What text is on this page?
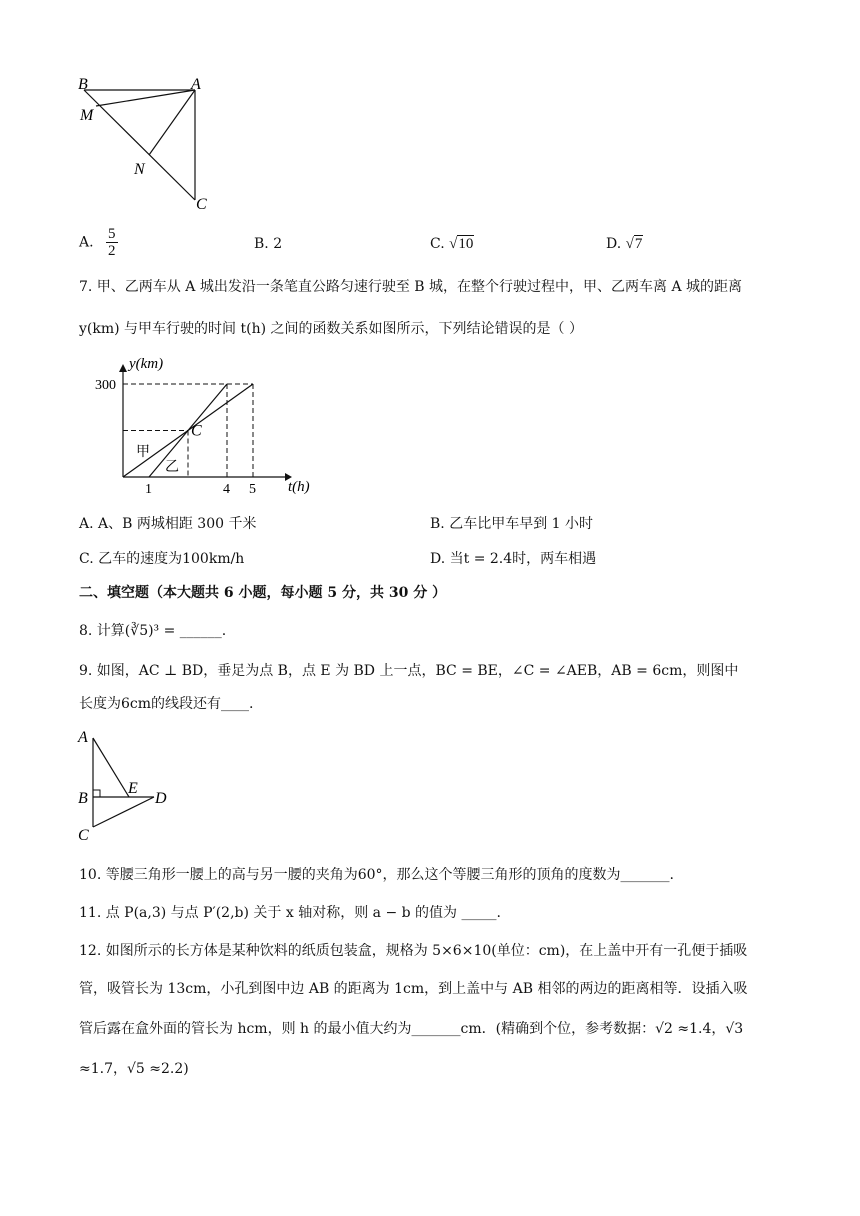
B	A
M
N
C
A. $\frac{5}{2}$	B. 2	C. √10	D. √7
7. 甲、乙两车从 A 城出发沿一条笔直公路匀速行驶至 B 城，在整个行驶过程中，甲、乙两车离 A 城的距离
y(km) 与甲车行驶的时间 t(h) 之间的函数关系如图所示，下列结论错误的是（ ）
y(km)
300
1	4 5 t(h)
C
甲
乙
A. A、B 两城相距 300 千米	B. 乙车比甲车早到 1 小时
C. 乙车的速度为100km/h	D. 当t = 2.4时，两车相遇
二、填空题（本大题共 6 小题，每小题 5 分，共 30 分 ）
8. 计算(∛5)³ = ______.
9. 如图，AC ⊥ BD，垂足为点 B，点 E 为 BD 上一点，BC = BE，∠C = ∠AEB，AB = 6cm，则图中
长度为6cm的线段还有____.
A
B
E
D
C
10. 等腰三角形一腰上的高与另一腰的夹角为60°，那么这个等腰三角形的顶角的度数为_______.
11. 点 P(a,3) 与点 P′(2,b) 关于 x 轴对称，则 a − b 的值为 _____.
12. 如图所示的长方体是某种饮料的纸质包装盒，规格为 5×6×10(单位：cm)，在上盖中开有一孔便于插吸
管，吸管长为 13cm，小孔到图中边 AB 的距离为 1cm，到上盖中与 AB 相邻的两边的距离相等．设插入吸
管后露在盒外面的管长为 hcm，则 h 的最小值大约为_______cm．(精确到个位，参考数据：√2 ≈1.4，√3
≈1.7，√5 ≈2.2)
